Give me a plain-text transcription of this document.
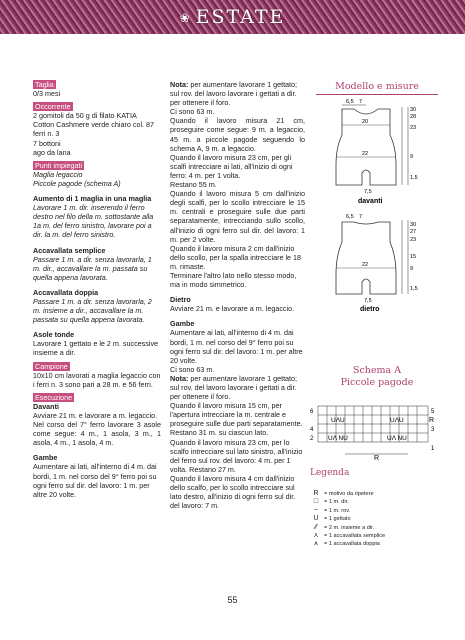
❀ ESTATE
Taglia

0/3 mesi

Occorrente

2 gomitoli da 50 g di filato KATIA

Cotton Cashmere verde chiaro col. 87

ferri n. 3

7 bottoni

ago da lana

Punti impiegati

Maglia legaccio

Piccole pagode (schema A)

Aumento di 1 maglia in una maglia

Lavorare 1 m. dir. inserendo il ferro destro nel filo della m. sottostante alla 1a m. del ferro sinistro, lavorare poi a dir. la m. del ferro sinistro.

Accavallata semplice

Passare 1 m. a dir. senza lavorarla, 1 m. dir., accavallare la m. passata su quella appena lavorata.

Accavallata doppia

Passare 1 m. a dir. senza lavorarla, 2 m. insieme a dir., accavallare la m. passata su quella appena lavorata.

Asole tonde

Lavorare 1 gettato e le 2 m. successive insieme a dir.

Campione

10x10 cm lavorati a maglia legaccio con i ferri n. 3 sono pari a 28 m. e 56 ferri.

Esecuzione

Davanti

Avviare 21 m. e lavorare a m. legaccio.

Nel corso del 7° ferro lavorare 3 asole come segue: 4 m., 1 asola, 3 m., 1 asola, 4 m., 1 asola, 4 m.

Gambe

Aumentare ai lati, all'interno di 4 m. dai bordi, 1 m. nel corso del 9° ferro poi su ogni ferro sul dir. del lavoro: 1 m. per altre 20 volte.

Nota: per aumentare lavorare 1 gettato; sul rov. del lavoro lavorare i gettati a dir. per ottenere il foro.

Ci sono 63 m.

Quando il lavoro misura 21 cm, proseguire come segue: 9 m. a legaccio, 45 m. a piccole pagode seguendo lo schema A, 9 m. a legaccio.

Quando il lavoro misura 23 cm, per gli scalfi intrecciare ai lati, all'inizio di ogni ferro: 4 m. per 1 volta.

Restano 55 m.

Quando il lavoro misura 5 cm dall'inizio degli scalfi, per lo scollo intrecciare le 15 m. centrali e proseguire sulle due parti separatamente, intrecciando sullo scollo, all'inizio di ogni ferro sul dir. del lavoro: 1 m. per 2 volte.

Quando il lavoro misura 2 cm dall'inizio dello scollo, per la spalla intrecciare le 18 m. rimaste.

Terminare l'altro lato nello stesso modo, ma in modo simmetrico.

Dietro

Avviare 21 m. e lavorare a m. legaccio.

Gambe

Aumentare ai lati, all'interno di 4 m. dai bordi, 1 m. nel corso del 9° ferro poi su ogni ferro sul dir. del lavoro: 1 m. per altre 20 volte.

Ci sono 63 m.

Nota: per aumentare lavorare 1 gettato; sul rov. del lavoro lavorare i gettati a dir. per ottenere il foro.

Quando il lavoro misura 15 cm, per l'apertura intrecciare la m. centrale e proseguire sulle due parti separatamente.

Restano 31 m. su ciascun lato.

Quando il lavoro misura 23 cm, per lo scalfo intrecciare sul lato sinistro, all'inizio del ferro sul rov. del lavoro: 4 m. per 1 volta. Restano 27 m.

Quando il lavoro misura 4 cm dall'inizio dello scalfo, per lo scollo intrecciare sul lato destro, all'inizio di ogni ferro sul dir. del lavoro: 7 m.

Modello e misure
6,5 7
20
22
7,5
davanti
30
28
23
9
1,5
6,5 7
22
7,5
dietro
30
27
23
15
9
1,5
Schema A
Piccole pagode
6
4
2
5
3
1
UΛU	UΛU
UΛ NU	UΛ NU
R
R
Legenda
R = motivo da ripetere
□	= 1 m. dir.
−	= 1 m. rov.
U = 1 gettato
⁄⁄	= 2 m. insieme a dir.
⋏ = 1 accavallata semplice
⩚	= 1 accavallata doppia
55
